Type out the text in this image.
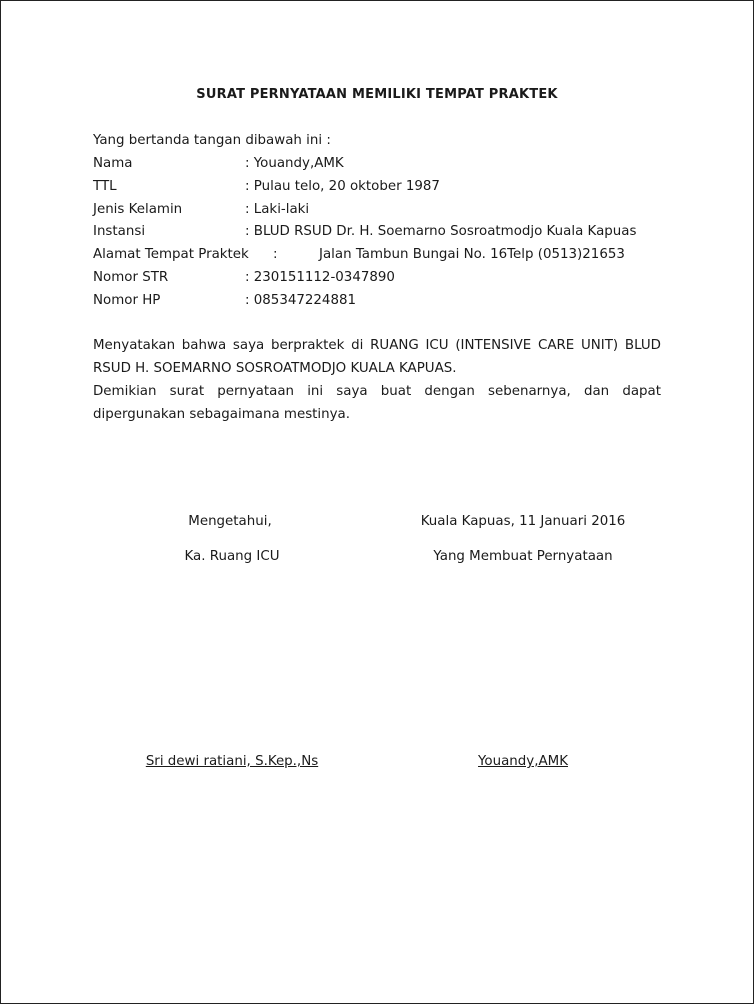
SURAT PERNYATAAN MEMILIKI TEMPAT PRAKTEK
Yang bertanda tangan dibawah ini :
Nama	: Youandy,AMK
TTL	: Pulau telo, 20 oktober 1987
Jenis Kelamin	: Laki-laki
Instansi	: BLUD RSUD Dr. H. Soemarno Sosroatmodjo Kuala Kapuas
Alamat Tempat Praktek :	Jalan Tambun Bungai No. 16Telp (0513)21653
Nomor STR	: 230151112-0347890
Nomor HP	: 085347224881
Menyatakan bahwa saya berpraktek di RUANG ICU (INTENSIVE CARE UNIT) BLUD RSUD H. SOEMARNO SOSROATMODJO KUALA KAPUAS.
Demikian surat pernyataan ini saya buat dengan sebenarnya, dan dapat dipergunakan sebagaimana mestinya.
Mengetahui,	Kuala Kapuas, 11 Januari 2016
Ka. Ruang ICU	Yang Membuat Pernyataan
Sri dewi ratiani, S.Kep.,Ns	Youandy,AMK
